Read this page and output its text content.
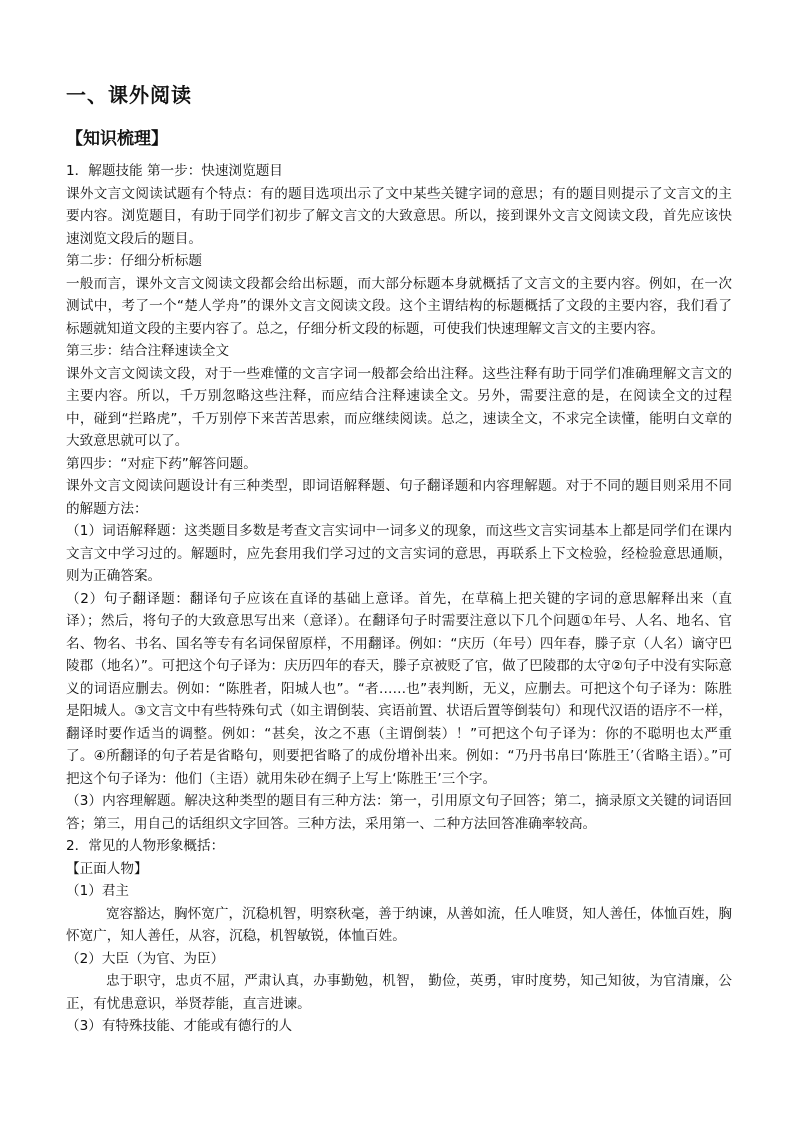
一、课外阅读
【知识梳理】

1．解题技能 第一步：快速浏览题目

课外文言文阅读试题有个特点：有的题目选项出示了文中某些关键字词的意思；有的题目则提示了文言文的主要内容。浏览题目，有助于同学们初步了解文言文的大致意思。所以，接到课外文言文阅读文段，首先应该快速浏览文段后的题目。

第二步：仔细分析标题

一般而言，课外文言文阅读文段都会给出标题，而大部分标题本身就概括了文言文的主要内容。例如，在一次测试中，考了一个“楚人学舟”的课外文言文阅读文段。这个主谓结构的标题概括了文段的主要内容，我们看了标题就知道文段的主要内容了。总之，仔细分析文段的标题，可使我们快速理解文言文的主要内容。

第三步：结合注释速读全文

课外文言文阅读文段，对于一些难懂的文言字词一般都会给出注释。这些注释有助于同学们准确理解文言文的主要内容。所以，千万别忽略这些注释，而应结合注释速读全文。另外，需要注意的是，在阅读全文的过程中，碰到“拦路虎”，千万别停下来苦苦思索，而应继续阅读。总之，速读全文，不求完全读懂，能明白文章的大致意思就可以了。

第四步：“对症下药”解答问题。

课外文言文阅读问题设计有三种类型，即词语解释题、句子翻译题和内容理解题。对于不同的题目则采用不同的解题方法：

（1）词语解释题：这类题目多数是考查文言实词中一词多义的现象，而这些文言实词基本上都是同学们在课内文言文中学习过的。解题时，应先套用我们学习过的文言实词的意思，再联系上下文检验，经检验意思通顺，则为正确答案。

（2）句子翻译题：翻译句子应该在直译的基础上意译。首先，在草稿上把关键的字词的意思解释出来（直译）；然后，将句子的大致意思写出来（意译）。在翻译句子时需要注意以下几个问题①年号、人名、地名、官名、物名、书名、国名等专有名词保留原样，不用翻译。例如：“庆历（年号）四年春，滕子京（人名）谪守巴陵郡（地名）”。可把这个句子译为：庆历四年的春天，滕子京被贬了官，做了巴陵郡的太守②句子中没有实际意义的词语应删去。例如：“陈胜者，阳城人也”。“者……也”表判断，无义，应删去。可把这个句子译为：陈胜是阳城人。③文言文中有些特殊句式（如主谓倒装、宾语前置、状语后置等倒装句）和现代汉语的语序不一样，翻译时要作适当的调整。例如：“甚矣，汝之不惠（主谓倒装）！”可把这个句子译为：你的不聪明也太严重了。④所翻译的句子若是省略句，则要把省略了的成份增补出来。例如：“乃丹书帛曰‘陈胜王’（省略主语）。”可把这个句子译为：他们（主语）就用朱砂在绸子上写上‘陈胜王’三个字。

（3）内容理解题。解决这种类型的题目有三种方法：第一，引用原文句子回答；第二，摘录原文关键的词语回答；第三，用自己的话组织文字回答。三种方法，采用第一、二种方法回答准确率较高。

2．常见的人物形象概括：

【正面人物】

（1）君主

宽容豁达，胸怀宽广，沉稳机智，明察秋毫，善于纳谏，从善如流，任人唯贤，知人善任，体恤百姓，胸怀宽广，知人善任，从容，沉稳，机智敏锐，体恤百姓。

（2）大臣（为官、为臣）

忠于职守，忠贞不屈，严肃认真，办事勤勉，机智， 勤俭，英勇，审时度势，知己知彼，为官清廉，公正，有忧患意识，举贤荐能，直言进谏。

（3）有特殊技能、才能或有德行的人
